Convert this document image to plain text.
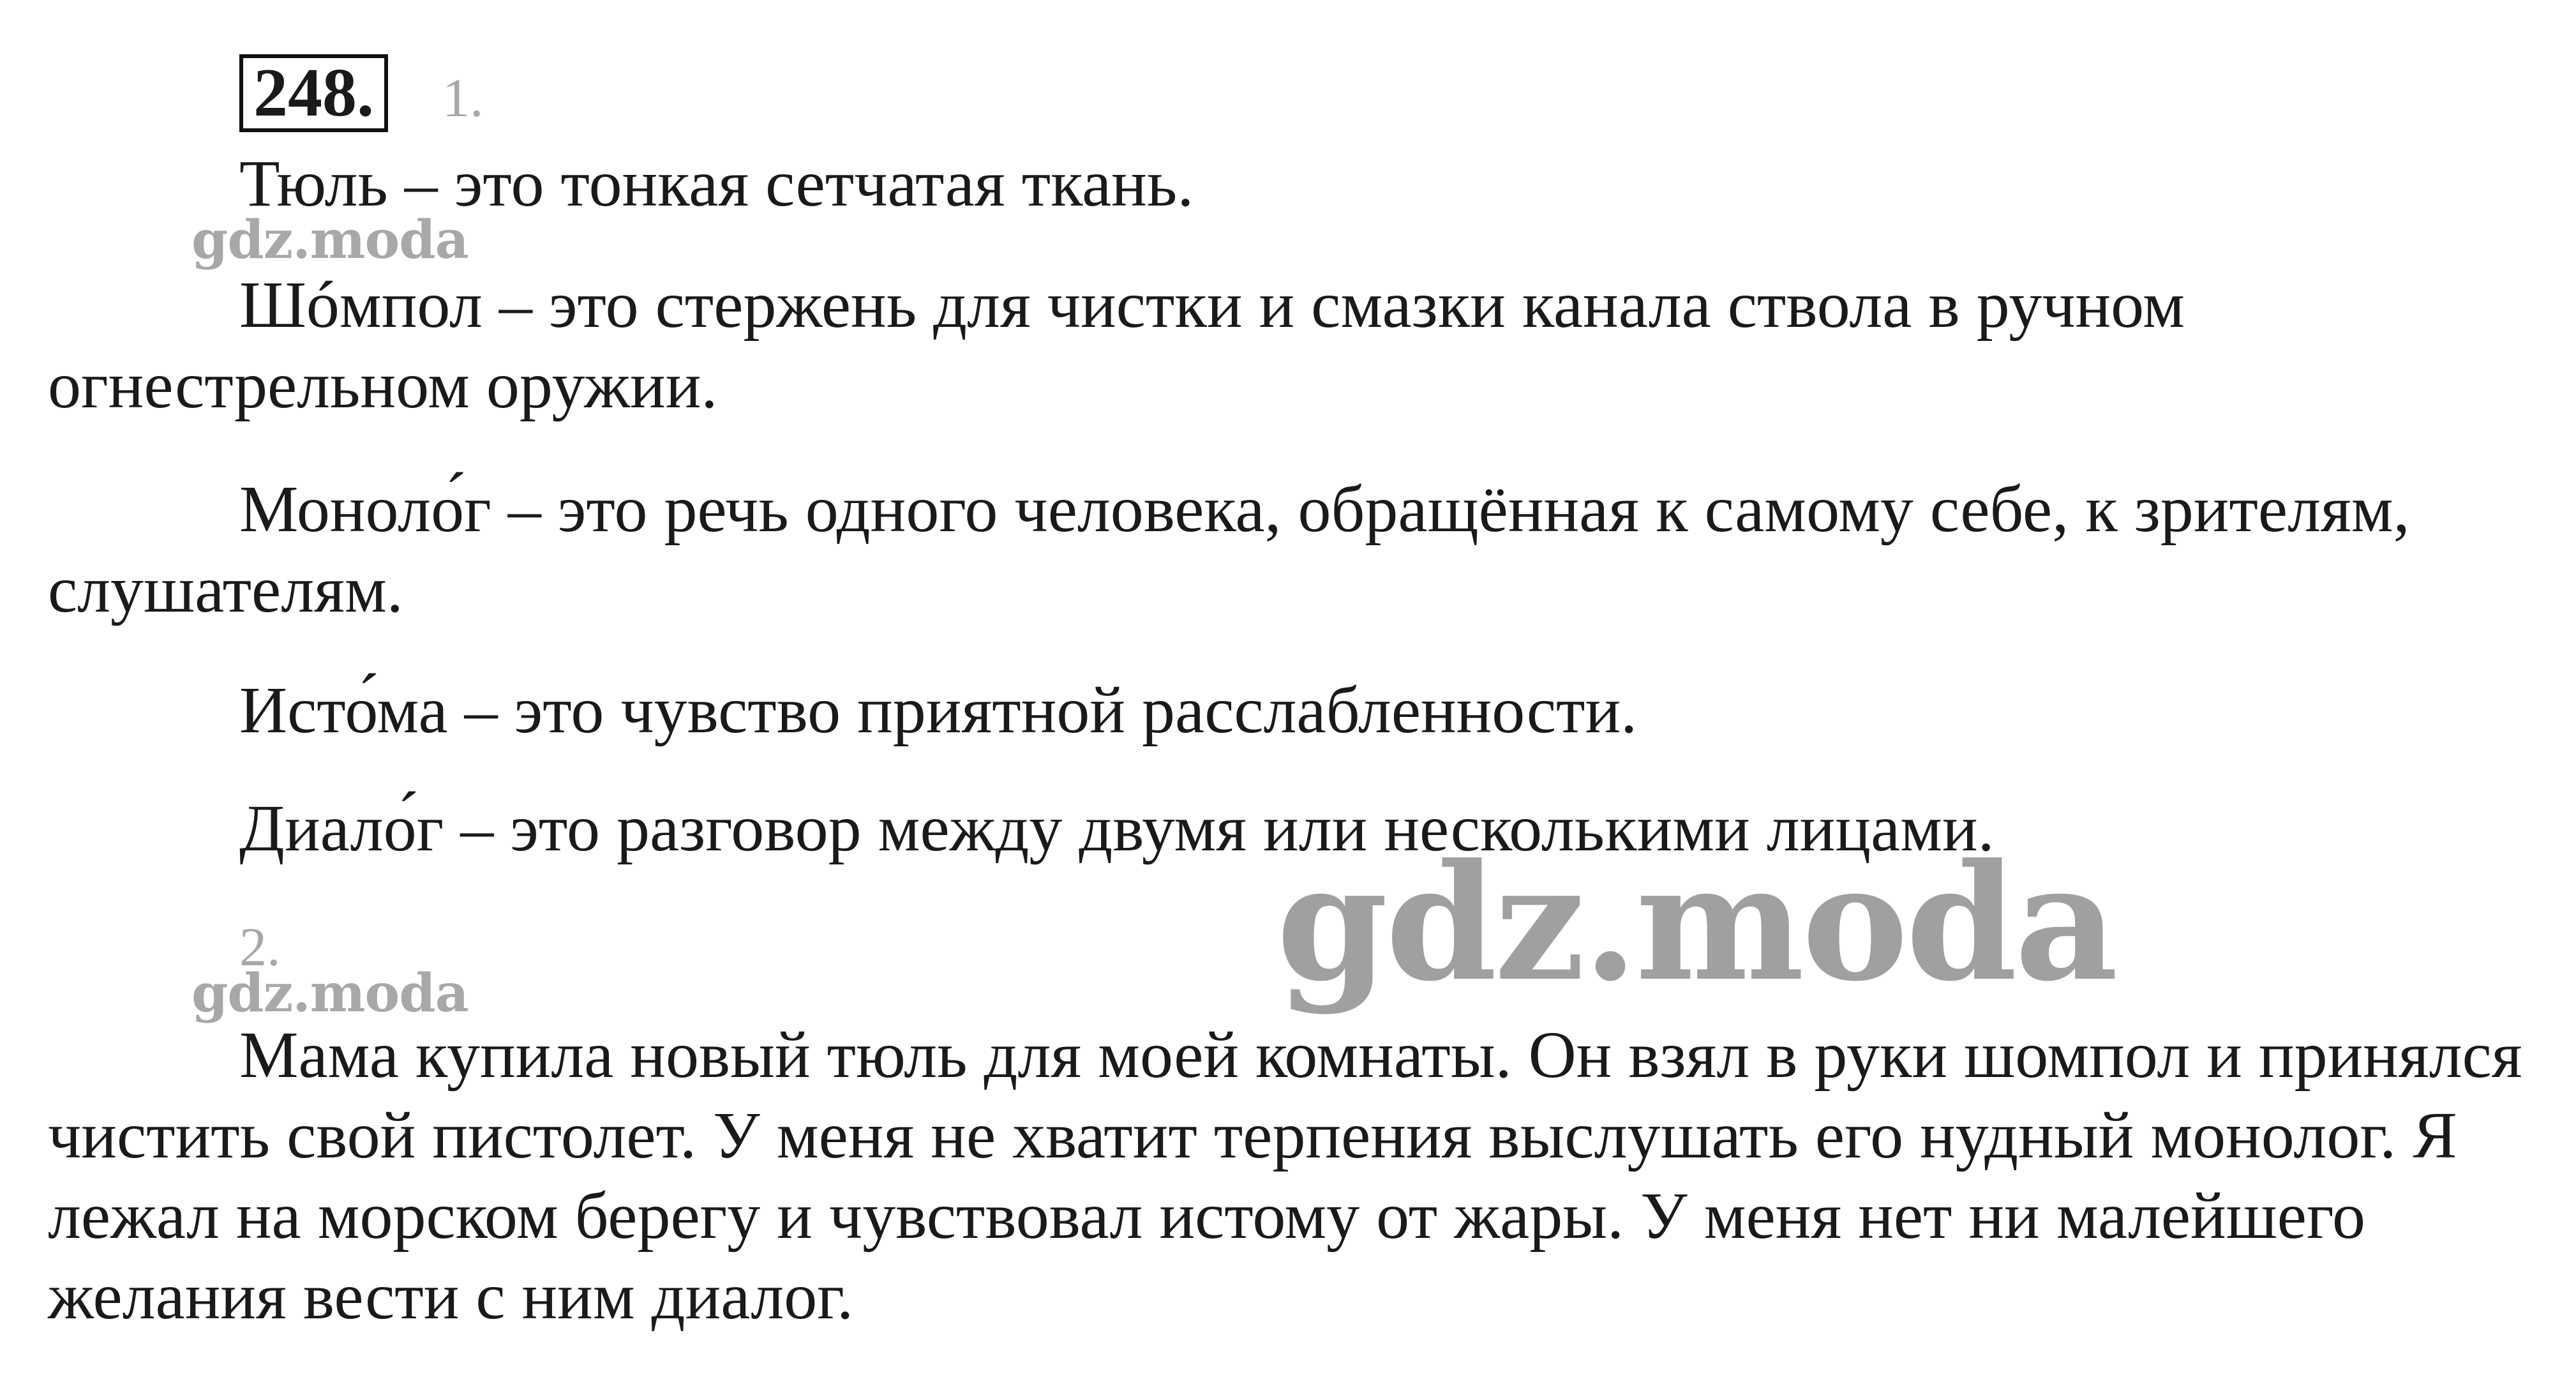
248. 1.

Тюль – это тонкая сетчатая ткань.

gdz.moda

Шóмпол – это стержень для чистки и смазки канала ствола в ручном огнестрельном оружии.

Моноло́г – это речь одного человека, обращённая к самому себе, к зрителям, слушателям.

Исто́ма – это чувство приятной расслабленности.

Диало́г – это разговор между двумя или несколькими лицами.

gdz.moda
2.
gdz.moda

Мама купила новый тюль для моей комнаты. Он взял в руки шомпол и принялся чистить свой пистолет. У меня не хватит терпения выслушать его нудный монолог. Я лежал на морском берегу и чувствовал истому от жары. У меня нет ни малейшего желания вести с ним диалог.
